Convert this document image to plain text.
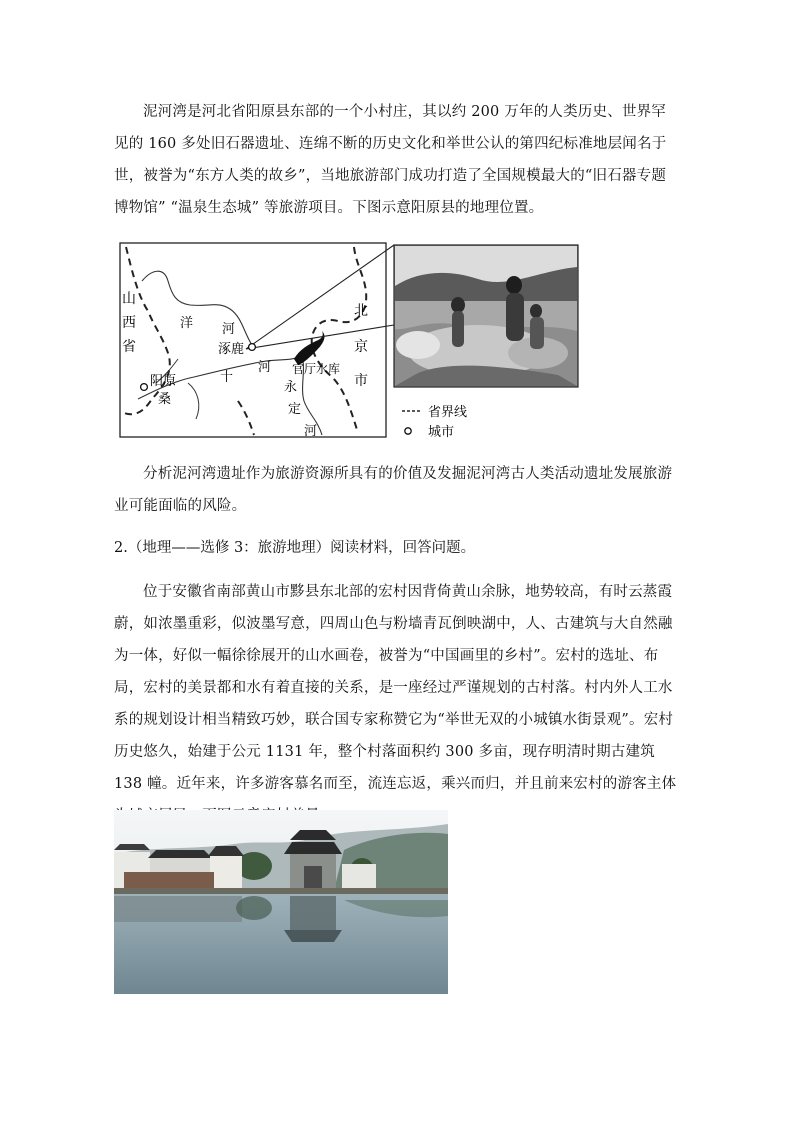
泥河湾是河北省阳原县东部的一个小村庄，其以约 200 万年的人类历史、世界罕见的 160 多处旧石器遗址、连绵不断的历史文化和举世公认的第四纪标准地层闻名于世，被誉为“东方人类的故乡”，当地旅游部门成功打造了全国规模最大的“旧石器专题博物馆” “温泉生态城” 等旅游项目。下图示意阳原县的地理位置。

山
西
省
洋 河
涿鹿
十
河
阳原
桑
官厅水库
北
京
市
永
定
河
省界线
城市

分析泥河湾遗址作为旅游资源所具有的价值及发掘泥河湾古人类活动遗址发展旅游业可能面临的风险。

2.（地理——选修 3：旅游地理）阅读材料，回答问题。

位于安徽省南部黄山市黟县东北部的宏村因背倚黄山余脉，地势较高，有时云蒸霞蔚，如浓墨重彩，似波墨写意，四周山色与粉墙青瓦倒映湖中，人、古建筑与大自然融为一体，好似一幅徐徐展开的山水画卷，被誉为“中国画里的乡村”。宏村的选址、布局，宏村的美景都和水有着直接的关系，是一座经过严谨规划的古村落。村内外人工水系的规划设计相当精致巧妙，联合国专家称赞它为“举世无双的小城镇水街景观”。宏村历史悠久，始建于公元 1131 年，整个村落面积约 300 多亩，现存明清时期古建筑 138 幢。近年来，许多游客慕名而至，流连忘返，乘兴而归，并且前来宏村的游客主体
